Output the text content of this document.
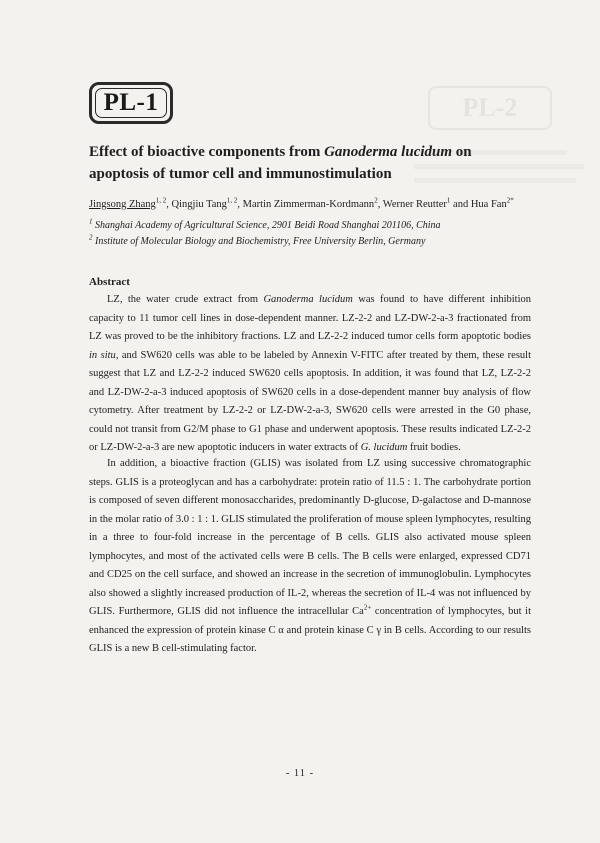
PL-2
PL-1
Effect of bioactive components from Ganoderma lucidum on apoptosis of tumor cell and immunostimulation
Jingsong Zhang$^{1, 2}$, Qingjiu Tang$^{1, 2}$, Martin Zimmerman-Kordmann$^2$, Werner Reutter$^1$ and Hua Fan$^{2*}$
$^1$ Shanghai Academy of Agricultural Science, 2901 Beidi Road Shanghai 201106, China
$^2$ Institute of Molecular Biology and Biochemistry, Free University Berlin, Germany
Abstract

LZ, the water crude extract from Ganoderma lucidum was found to have different inhibition capacity to 11 tumor cell lines in dose-dependent manner. LZ-2-2 and LZ-DW-2-a-3 fractionated from LZ was proved to be the inhibitory fractions. LZ and LZ-2-2 induced tumor cells form apoptotic bodies in situ, and SW620 cells was able to be labeled by Annexin V-FITC after treated by them, these result suggest that LZ and LZ-2-2 induced SW620 cells apoptosis. In addition, it was found that LZ, LZ-2-2 and LZ-DW-2-a-3 induced apoptosis of SW620 cells in a dose-dependent manner buy analysis of flow cytometry. After treatment by LZ-2-2 or LZ-DW-2-a-3, SW620 cells were arrested in the G0 phase, could not transit from G2/M phase to G1 phase and underwent apoptosis. These results indicated LZ-2-2 or LZ-DW-2-a-3 are new apoptotic inducers in water extracts of G. lucidum fruit bodies.

In addition, a bioactive fraction (GLIS) was isolated from LZ using successive chromatographic steps. GLIS is a proteoglycan and has a carbohydrate: protein ratio of 11.5 : 1. The carbohydrate portion is composed of seven different monosaccharides, predominantly D-glucose, D-galactose and D-mannose in the molar ratio of 3.0 : 1 : 1. GLIS stimulated the proliferation of mouse spleen lymphocytes, resulting in a three to four-fold increase in the percentage of B cells. GLIS also activated mouse spleen lymphocytes, and most of the activated cells were B cells. The B cells were enlarged, expressed CD71 and CD25 on the cell surface, and showed an increase in the secretion of immunoglobulin. Lymphocytes also showed a slightly increased production of IL-2, whereas the secretion of IL-4 was not influenced by GLIS. Furthermore, GLIS did not influence the intracellular $Ca^{2+}$ concentration of lymphocytes, but it enhanced the expression of protein kinase C α and protein kinase C γ in B cells. According to our results GLIS is a new B cell-stimulating factor.

- 11 -
